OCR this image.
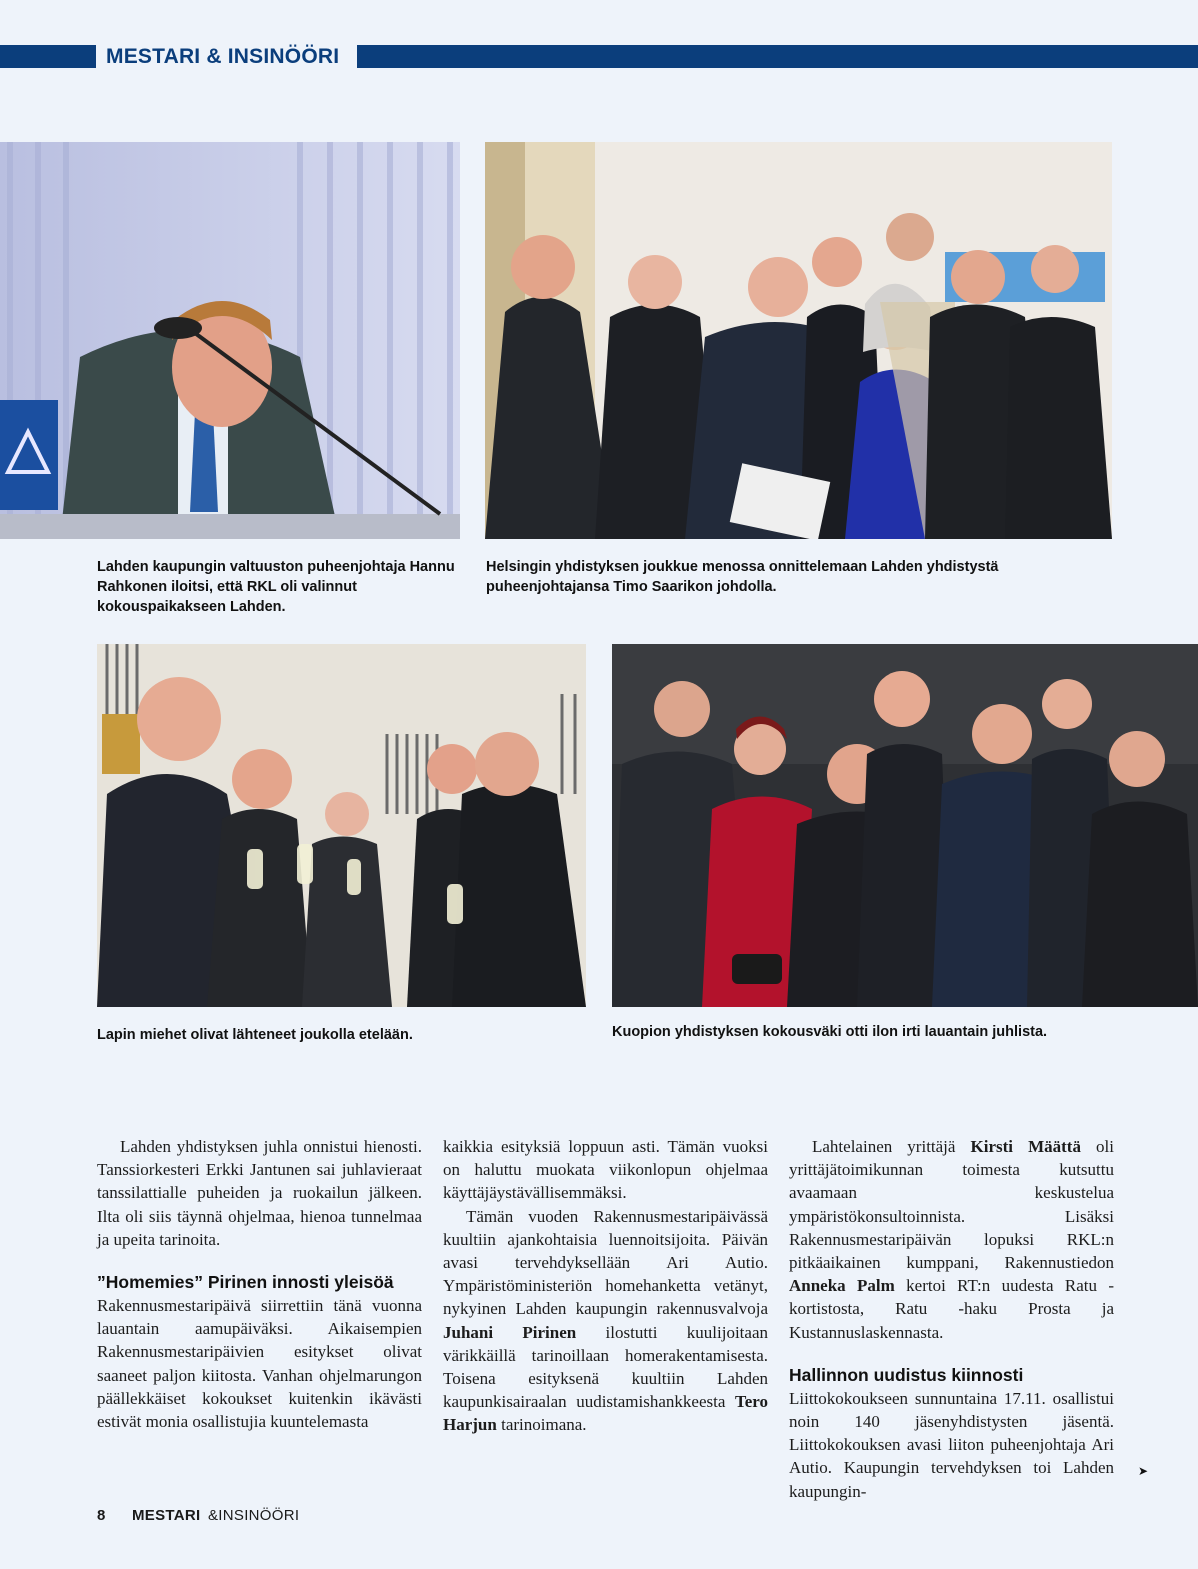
MESTARI & INSINÖÖRI
Lahden kaupungin valtuuston puheenjohtaja Hannu Rahkonen iloitsi, että RKL oli valinnut kokouspaikakseen Lahden.
Helsingin yhdistyksen joukkue menossa onnittelemaan Lahden yhdistystä puheenjohtajansa Timo Saarikon johdolla.
Lapin miehet olivat lähteneet joukolla etelään.	Kuopion yhdistyksen kokousväki otti ilon irti lauantain juhlista.

Lahden yhdistyksen juhla onnistui hienosti. Tanssiorkesteri Erkki Jantunen sai juhlavieraat tanssilattialle puheiden ja ruokailun jälkeen. Ilta oli siis täynnä ohjelmaa, hienoa tunnelmaa ja upeita tarinoita.

”Homemies” Pirinen innosti yleisöä

Rakennusmestaripäivä siirrettiin tänä vuonna lauantain aamupäiväksi. Aikaisempien Rakennusmestaripäivien esitykset olivat saaneet paljon kiitosta. Vanhan ohjelmarungon päällekkäiset kokoukset kuitenkin ikävästi estivät monia osallistujia kuuntelemasta

kaikkia esityksiä loppuun asti. Tämän vuoksi on haluttu muokata viikonlopun ohjelmaa käyttäjäystävällisemmäksi.

Tämän vuoden Rakennusmestaripäivässä kuultiin ajankohtaisia luennoitsijoita. Päivän avasi tervehdyksellään Ari Autio. Ympäristöministeriön homehanketta vetänyt, nykyinen Lahden kaupungin rakennusvalvoja Juhani Pirinen ilostutti kuulijoitaan värikkäillä tarinoillaan homerakentamisesta. Toisena esityksenä kuultiin Lahden kaupunkisairaalan uudistamishankkeesta Tero Harjun tarinoimana.

Lahtelainen yrittäjä Kirsti Määttä oli yrittäjätoimikunnan toimesta kutsuttu avaamaan keskustelua ympäristökonsultoinnista. Lisäksi Rakennusmestaripäivän lopuksi RKL:n pitkäaikainen kumppani, Rakennustiedon Anneka Palm kertoi RT:n uudesta Ratu -kortistosta, Ratu -haku Prosta ja Kustannuslaskennasta.

Hallinnon uudistus kiinnosti

Liittokokoukseen sunnuntaina 17.11. osallistui noin 140 jäsenyhdistysten jäsentä. Liittokokouksen avasi liiton puheenjohtaja Ari Autio. Kaupungin tervehdyksen toi Lahden kaupungin-

➤
8 MESTARI &INSINÖÖRI
